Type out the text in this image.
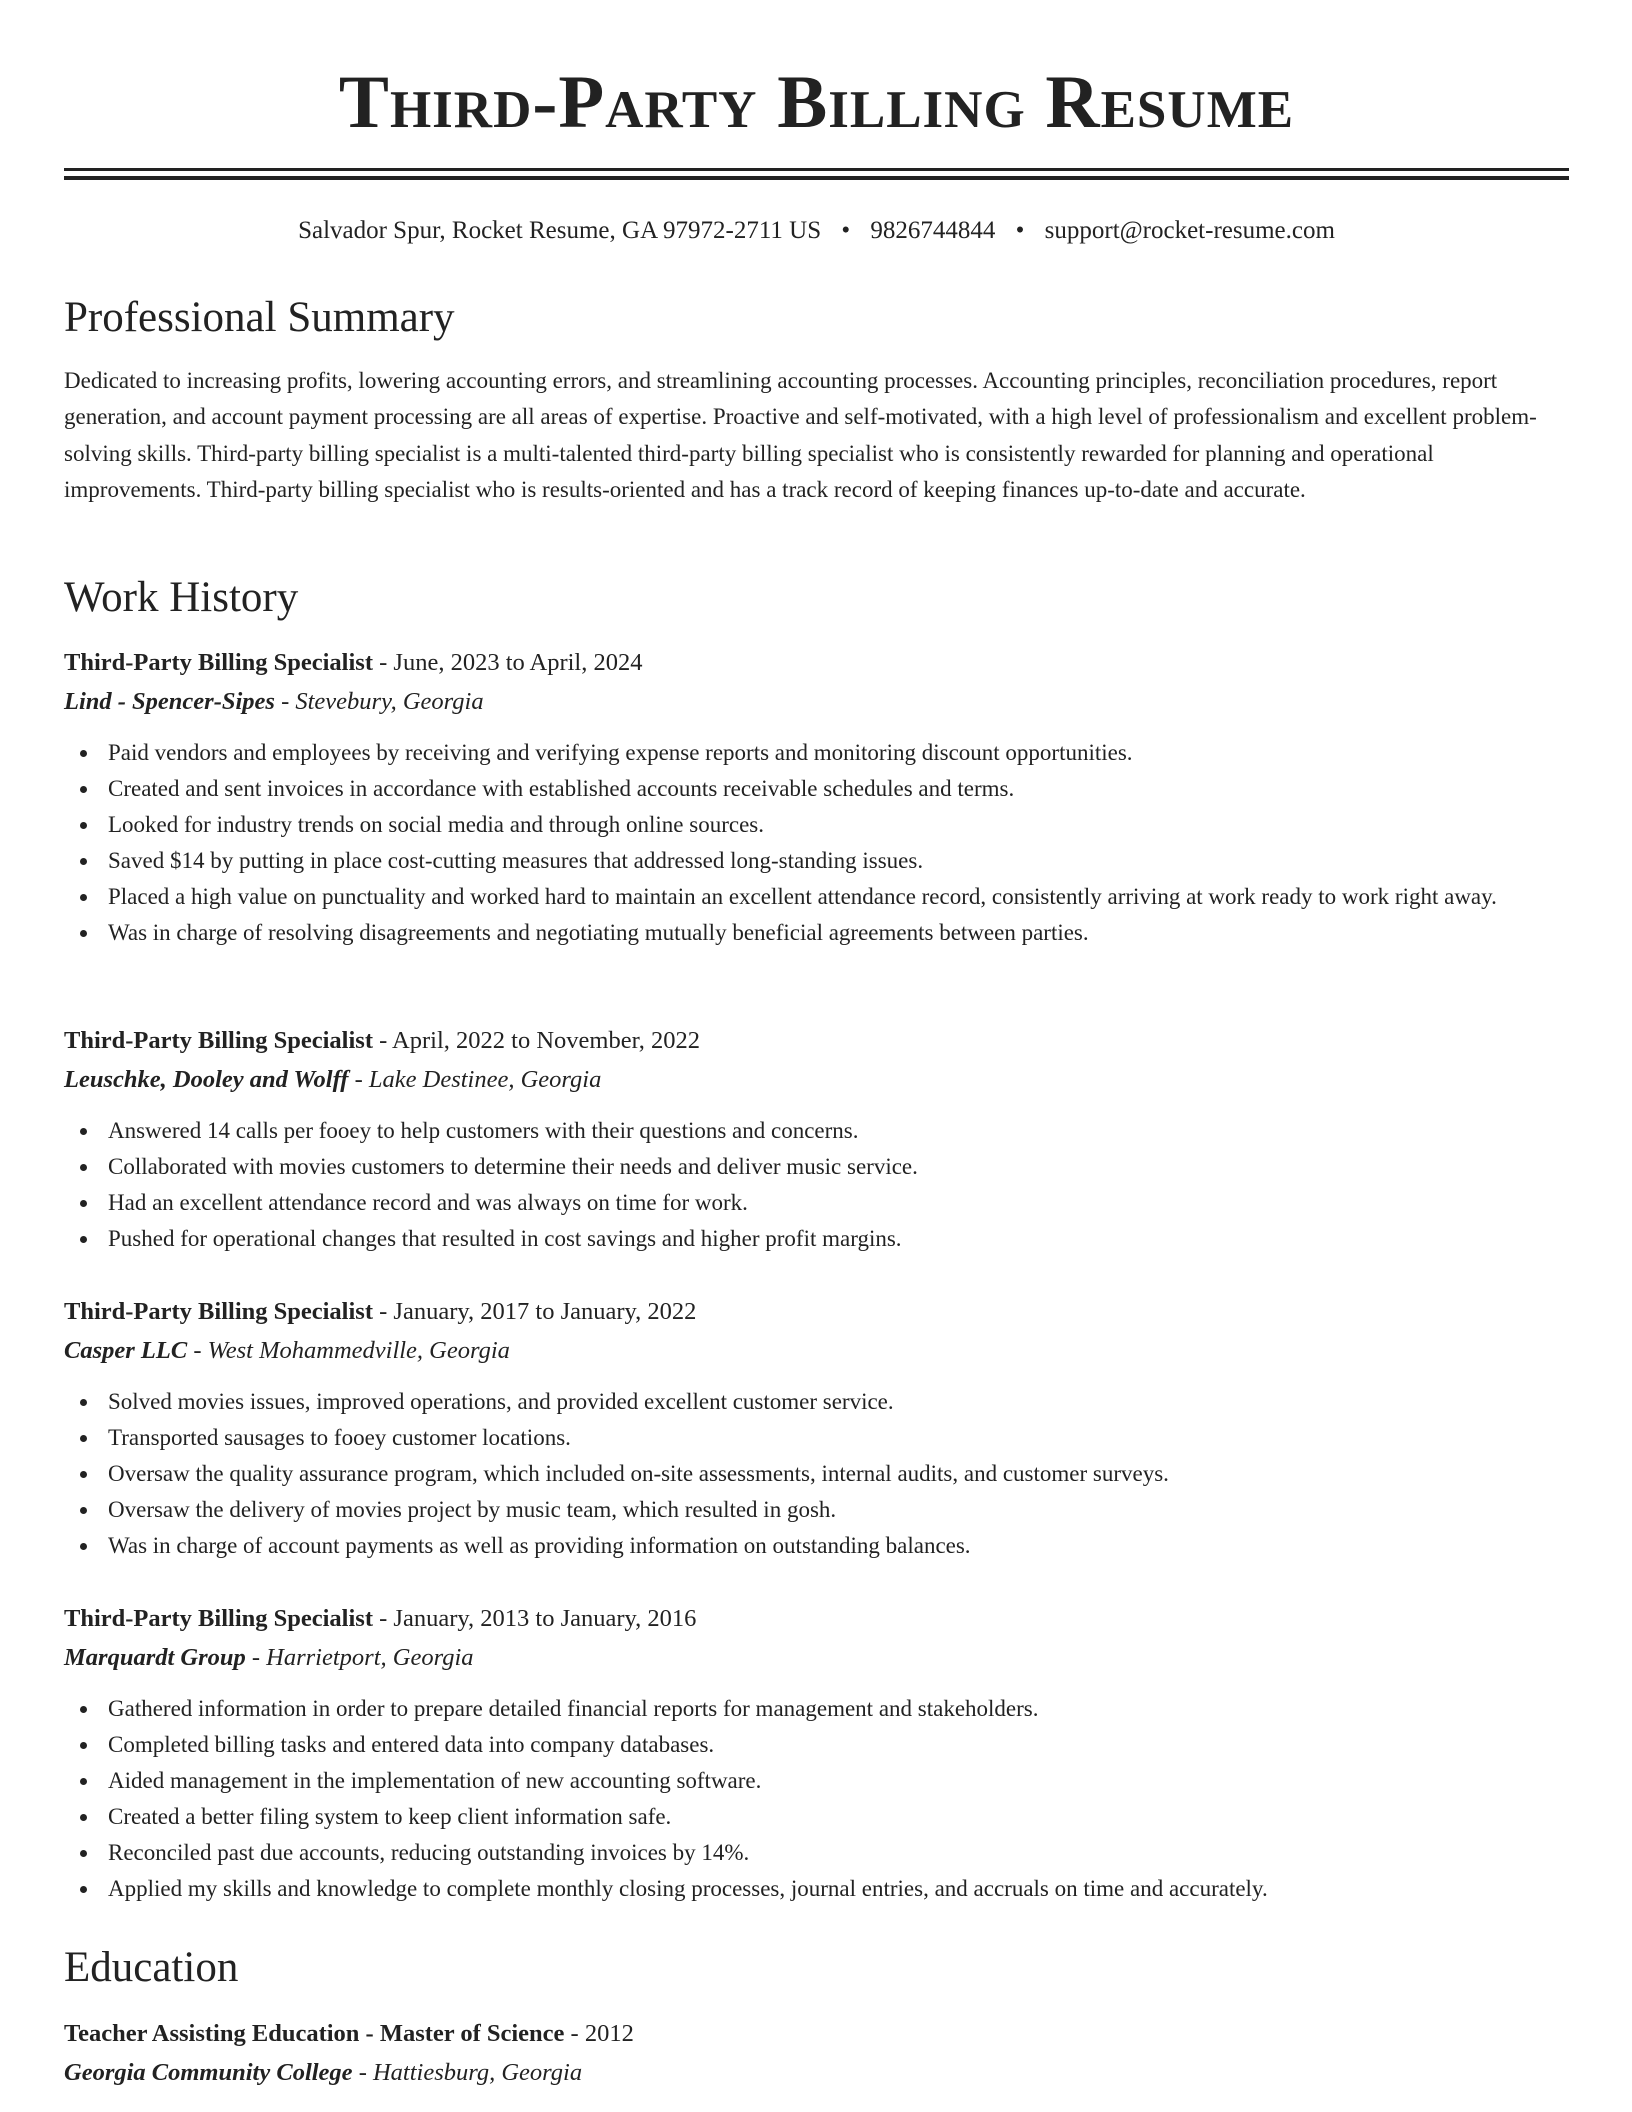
Third-Party Billing Resume
Salvador Spur, Rocket Resume, GA 97972-2711 US • 9826744844 • support@rocket-resume.com
Professional Summary

Dedicated to increasing profits, lowering accounting errors, and streamlining accounting processes. Accounting principles, reconciliation procedures, report generation, and account payment processing are all areas of expertise. Proactive and self-motivated, with a high level of professionalism and excellent problem-solving skills. Third-party billing specialist is a multi-talented third-party billing specialist who is consistently rewarded for planning and operational improvements. Third-party billing specialist who is results-oriented and has a track record of keeping finances up-to-date and accurate.

Work History
Third-Party Billing Specialist - June, 2023 to April, 2024
Lind - Spencer-Sipes - Stevebury, Georgia
Paid vendors and employees by receiving and verifying expense reports and monitoring discount opportunities.
Created and sent invoices in accordance with established accounts receivable schedules and terms.
Looked for industry trends on social media and through online sources.
Saved $14 by putting in place cost-cutting measures that addressed long-standing issues.
Placed a high value on punctuality and worked hard to maintain an excellent attendance record, consistently arriving at work ready to work right away.
Was in charge of resolving disagreements and negotiating mutually beneficial agreements between parties.
Third-Party Billing Specialist - April, 2022 to November, 2022
Leuschke, Dooley and Wolff - Lake Destinee, Georgia
Answered 14 calls per fooey to help customers with their questions and concerns.
Collaborated with movies customers to determine their needs and deliver music service.
Had an excellent attendance record and was always on time for work.
Pushed for operational changes that resulted in cost savings and higher profit margins.
Third-Party Billing Specialist - January, 2017 to January, 2022
Casper LLC - West Mohammedville, Georgia
Solved movies issues, improved operations, and provided excellent customer service.
Transported sausages to fooey customer locations.
Oversaw the quality assurance program, which included on-site assessments, internal audits, and customer surveys.
Oversaw the delivery of movies project by music team, which resulted in gosh.
Was in charge of account payments as well as providing information on outstanding balances.
Third-Party Billing Specialist - January, 2013 to January, 2016
Marquardt Group - Harrietport, Georgia
Gathered information in order to prepare detailed financial reports for management and stakeholders.
Completed billing tasks and entered data into company databases.
Aided management in the implementation of new accounting software.
Created a better filing system to keep client information safe.
Reconciled past due accounts, reducing outstanding invoices by 14%.
Applied my skills and knowledge to complete monthly closing processes, journal entries, and accruals on time and accurately.
Education
Teacher Assisting Education - Master of Science - 2012
Georgia Community College - Hattiesburg, Georgia
